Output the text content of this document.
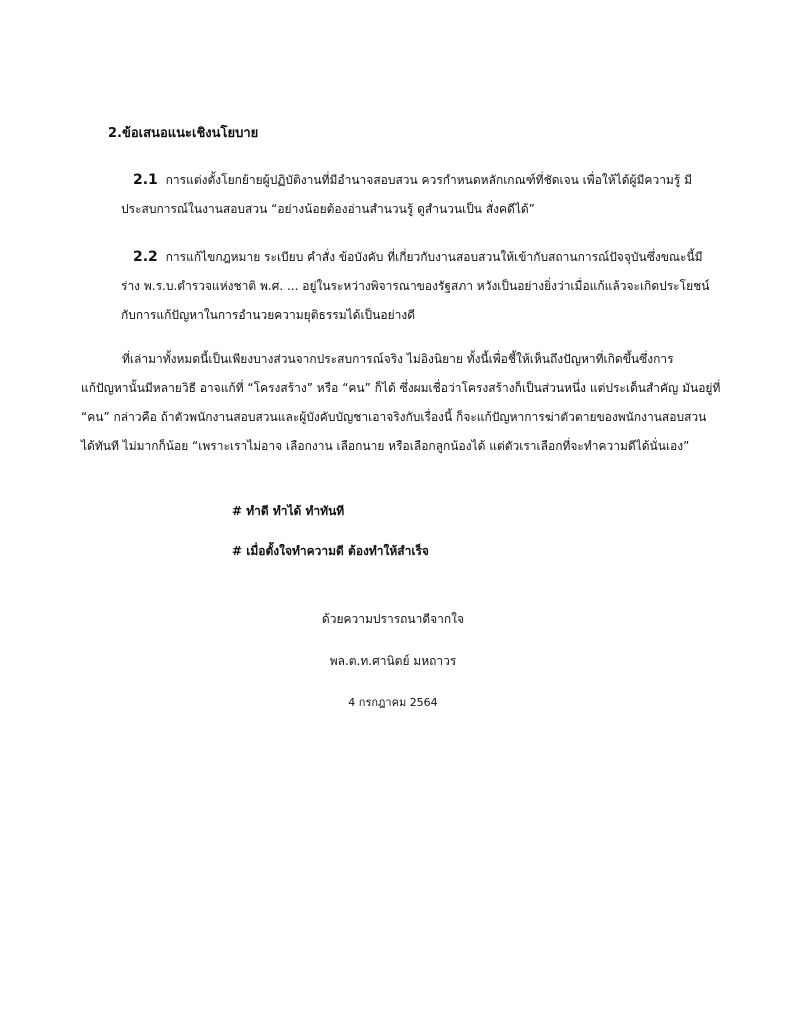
2.ข้อเสนอแนะเชิงนโยบาย
2.1 การแต่งตั้งโยกย้ายผู้ปฏิบัติงานที่มีอำนาจสอบสวน ควรกำหนดหลักเกณฑ์ที่ชัดเจน เพื่อให้ได้ผู้มีความรู้ มี
ประสบการณ์ในงานสอบสวน “อย่างน้อยต้องอ่านสำนวนรู้ ดูสำนวนเป็น สั่งคดีได้”
2.2 การแก้ไขกฎหมาย ระเบียบ คำสั่ง ข้อบังคับ ที่เกี่ยวกับงานสอบสวนให้เข้ากับสถานการณ์ปัจจุบันซึ่งขณะนี้มี
ร่าง พ.ร.บ.ตำรวจแห่งชาติ พ.ศ. ... อยู่ในระหว่างพิจารณาของรัฐสภา หวังเป็นอย่างยิ่งว่าเมื่อแก้แล้วจะเกิดประโยชน์
กับการแก้ปัญหาในการอำนวยความยุติธรรมได้เป็นอย่างดี
ที่เล่ามาทั้งหมดนี้เป็นเพียงบางส่วนจากประสบการณ์จริง ไม่อิงนิยาย ทั้งนี้เพื่อชี้ให้เห็นถึงปัญหาที่เกิดขึ้นซึ่งการ
แก้ปัญหานั้นมีหลายวิธี อาจแก้ที่ “โครงสร้าง” หรือ “คน” ก็ได้ ซึ่งผมเชื่อว่าโครงสร้างก็เป็นส่วนหนึ่ง แต่ประเด็นสำคัญ มันอยู่ที่
“คน” กล่าวคือ ถ้าตัวพนักงานสอบสวนและผู้บังคับบัญชาเอาจริงกับเรื่องนี้ ก็จะแก้ปัญหาการฆ่าตัวตายของพนักงานสอบสวน
ได้ทันที ไม่มากก็น้อย “เพราะเราไม่อาจ เลือกงาน เลือกนาย หรือเลือกลูกน้องได้ แต่ตัวเราเลือกที่จะทำความดีได้นั่นเอง”
# ทำดี ทำได้ ทำทันที
# เมื่อตั้งใจทำความดี ต้องทำให้สำเร็จ
ด้วยความปรารถนาดีจากใจ
พล.ต.ท.ศานิตย์ มหถาวร
4 กรกฎาคม 2564
